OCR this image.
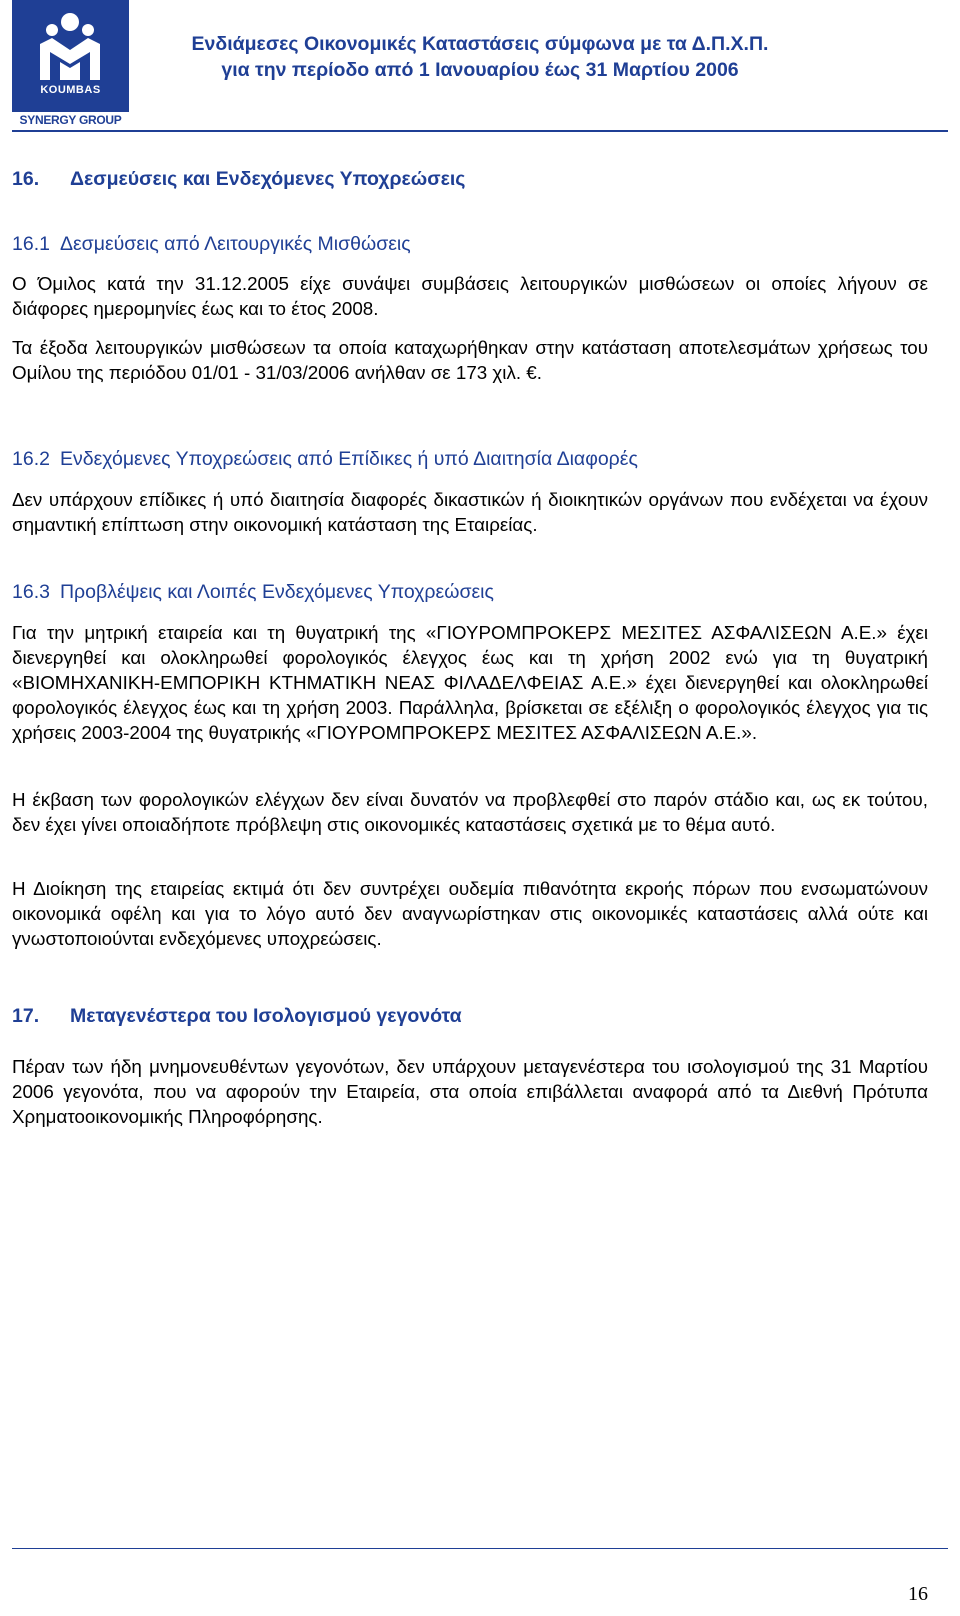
KOUMBAS
SYNERGY GROUP
Ενδιάμεσες Οικονομικές Καταστάσεις σύμφωνα με τα Δ.Π.Χ.Π.
για την περίοδο από 1 Ιανουαρίου έως 31 Μαρτίου 2006
16. Δεσμεύσεις και Ενδεχόμενες Υποχρεώσεις
16.1 Δεσμεύσεις από Λειτουργικές Μισθώσεις
Ο Όμιλος κατά την 31.12.2005 είχε συνάψει συμβάσεις λειτουργικών μισθώσεων οι οποίες λήγουν σε διάφορες ημερομηνίες έως και το έτος 2008.
Τα έξοδα λειτουργικών μισθώσεων τα οποία καταχωρήθηκαν στην κατάσταση αποτελεσμάτων χρήσεως του Ομίλου της περιόδου 01/01 - 31/03/2006 ανήλθαν σε 173 χιλ. €.
16.2 Ενδεχόμενες Υποχρεώσεις από Επίδικες ή υπό Διαιτησία Διαφορές
Δεν υπάρχουν επίδικες ή υπό διαιτησία διαφορές δικαστικών ή διοικητικών οργάνων που ενδέχεται να έχουν σημαντική επίπτωση στην οικονομική κατάσταση της Εταιρείας.
16.3 Προβλέψεις και Λοιπές Ενδεχόμενες Υποχρεώσεις
Για την μητρική εταιρεία και τη θυγατρική της «ΓΙΟΥΡΟΜΠΡΟΚΕΡΣ ΜΕΣΙΤΕΣ ΑΣΦΑΛΙΣΕΩΝ Α.Ε.» έχει διενεργηθεί και ολοκληρωθεί φορολογικός έλεγχος έως και τη χρήση 2002 ενώ για τη θυγατρική «ΒΙΟΜΗΧΑΝΙΚΗ-ΕΜΠΟΡΙΚΗ ΚΤΗΜΑΤΙΚΗ ΝΕΑΣ ΦΙΛΑΔΕΛΦΕΙΑΣ Α.Ε.» έχει διενεργηθεί και ολοκληρωθεί φορολογικός έλεγχος έως και τη χρήση 2003. Παράλληλα, βρίσκεται σε εξέλιξη ο φορολογικός έλεγχος για τις χρήσεις 2003-2004 της θυγατρικής «ΓΙΟΥΡΟΜΠΡΟΚΕΡΣ ΜΕΣΙΤΕΣ ΑΣΦΑΛΙΣΕΩΝ Α.Ε.».
Η έκβαση των φορολογικών ελέγχων δεν είναι δυνατόν να προβλεφθεί στο παρόν στάδιο και, ως εκ τούτου, δεν έχει γίνει οποιαδήποτε πρόβλεψη στις οικονομικές καταστάσεις σχετικά με το θέμα αυτό.
Η Διοίκηση της εταιρείας εκτιμά ότι δεν συντρέχει ουδεμία πιθανότητα εκροής πόρων που ενσωματώνουν οικονομικά οφέλη και για το λόγο αυτό δεν αναγνωρίστηκαν στις οικονομικές καταστάσεις αλλά ούτε και γνωστοποιούνται ενδεχόμενες υποχρεώσεις.
17. Μεταγενέστερα του Ισολογισμού γεγονότα
Πέραν των ήδη μνημονευθέντων γεγονότων, δεν υπάρχουν μεταγενέστερα του ισολογισμού της 31 Μαρτίου 2006 γεγονότα, που να αφορούν την Εταιρεία, στα οποία επιβάλλεται αναφορά από τα Διεθνή Πρότυπα Χρηματοοικονομικής Πληροφόρησης.
16
